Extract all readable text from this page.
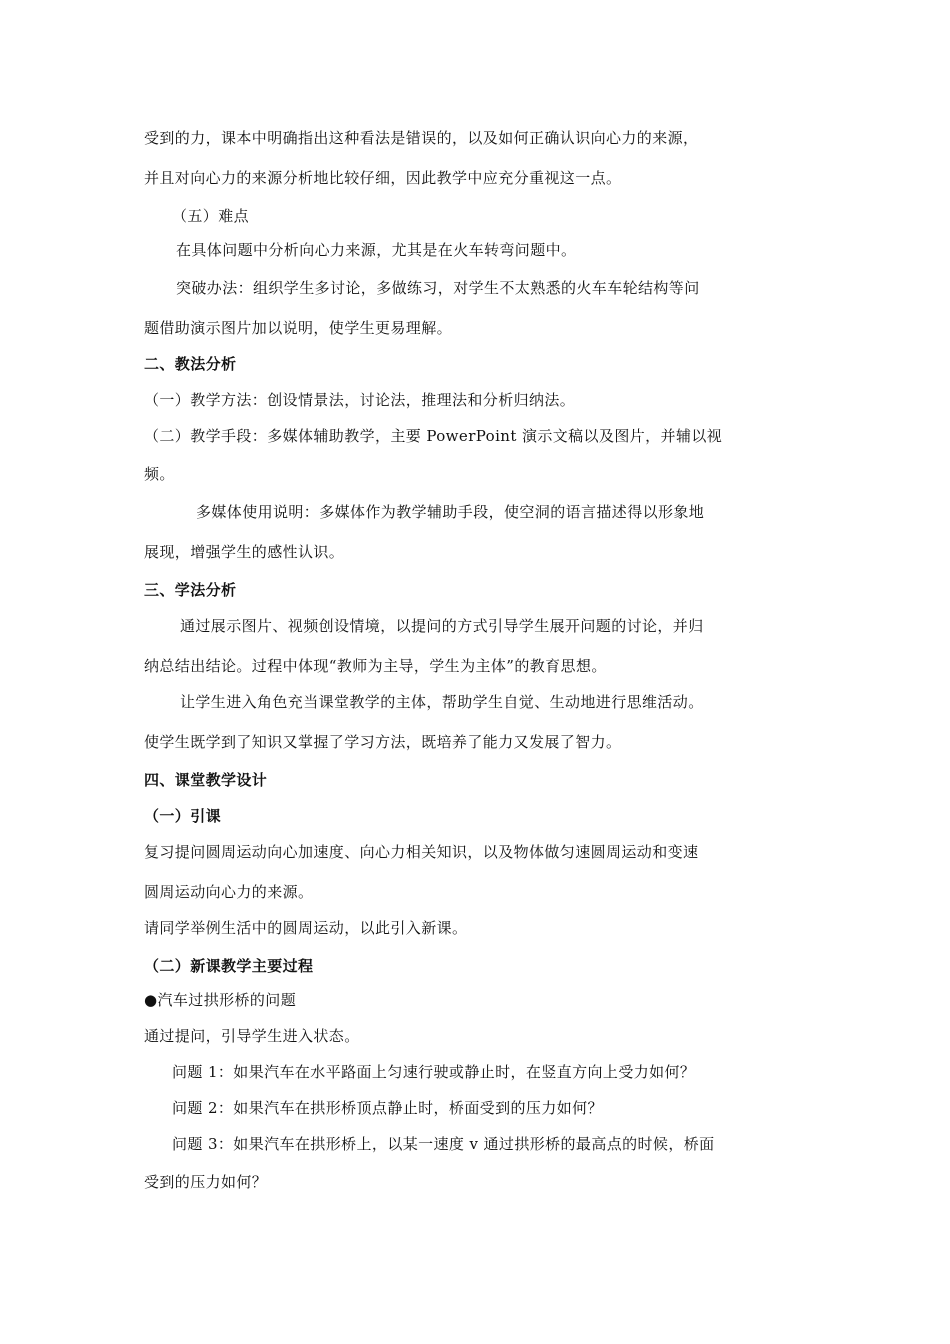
受到的力，课本中明确指出这种看法是错误的，以及如何正确认识向心力的来源，
并且对向心力的来源分析地比较仔细，因此教学中应充分重视这一点。
（五）难点
在具体问题中分析向心力来源，尤其是在火车转弯问题中。
突破办法：组织学生多讨论，多做练习，对学生不太熟悉的火车车轮结构等问
题借助演示图片加以说明，使学生更易理解。
二、教法分析
（一）教学方法：创设情景法，讨论法，推理法和分析归纳法。
（二）教学手段：多媒体辅助教学，主要 PowerPoint 演示文稿以及图片，并辅以视
频。
多媒体使用说明：多媒体作为教学辅助手段，使空洞的语言描述得以形象地
展现，增强学生的感性认识。
三、学法分析
通过展示图片、视频创设情境，以提问的方式引导学生展开问题的讨论，并归
纳总结出结论。过程中体现“教师为主导，学生为主体”的教育思想。
让学生进入角色充当课堂教学的主体，帮助学生自觉、生动地进行思维活动。
使学生既学到了知识又掌握了学习方法，既培养了能力又发展了智力。
四、课堂教学设计
（一）引课
复习提问圆周运动向心加速度、向心力相关知识，以及物体做匀速圆周运动和变速
圆周运动向心力的来源。
请同学举例生活中的圆周运动，以此引入新课。
（二）新课教学主要过程
●汽车过拱形桥的问题
通过提问，引导学生进入状态。
问题 1：如果汽车在水平路面上匀速行驶或静止时，在竖直方向上受力如何？
问题 2：如果汽车在拱形桥顶点静止时，桥面受到的压力如何？
问题 3：如果汽车在拱形桥上，以某一速度 v 通过拱形桥的最高点的时候，桥面
受到的压力如何？
